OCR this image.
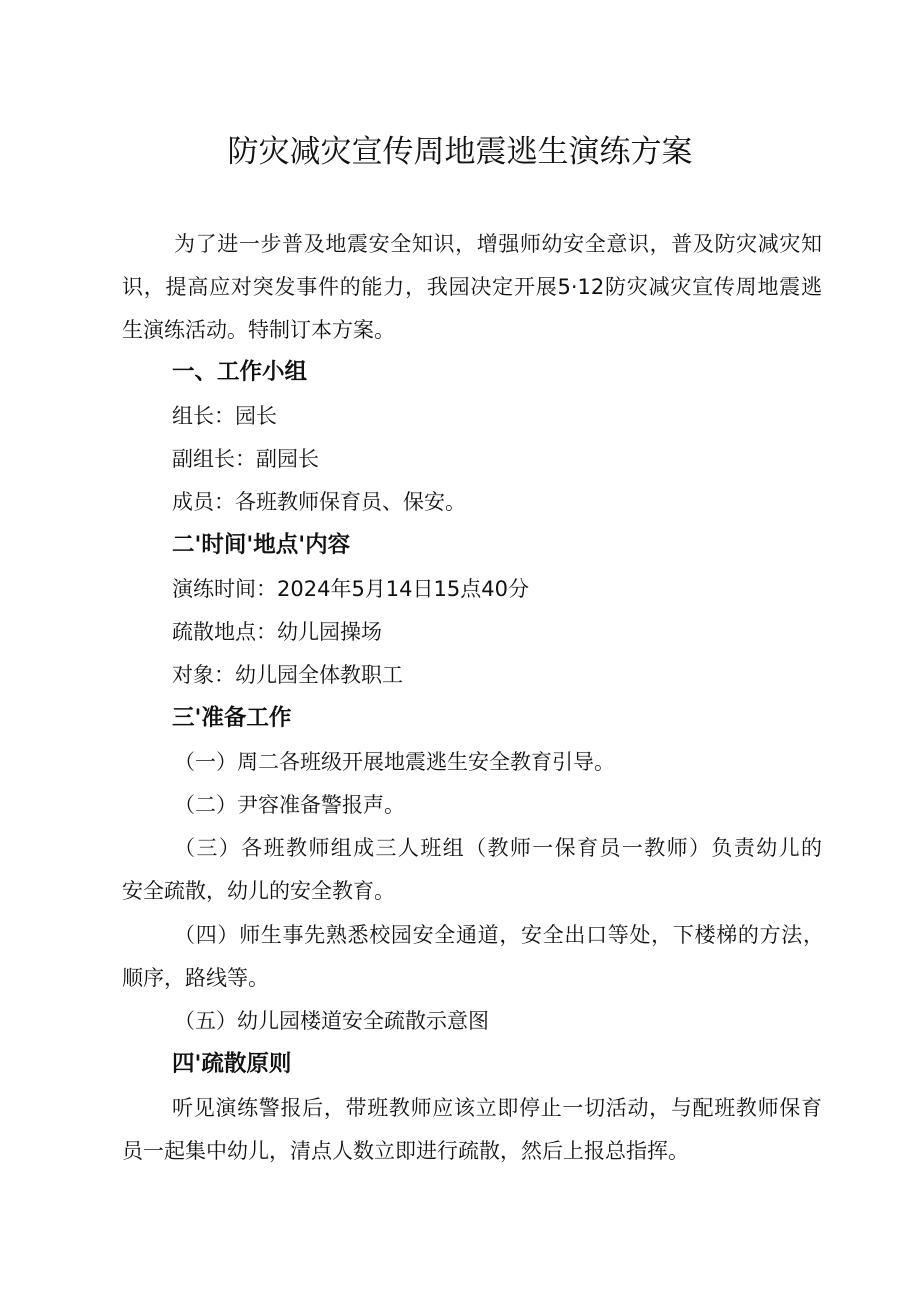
防灾减灾宣传周地震逃生演练方案

为了进一步普及地震安全知识，增强师幼安全意识，普及防灾减灾知

识，提高应对突发事件的能力，我园决定开展5·12防灾减灾宣传周地震逃

生演练活动。特制订本方案。

一、工作小组

组长：园长

副组长：副园长

成员：各班教师保育员、保安。

二'时间'地点'内容

演练时间：2024年5月14日15点40分

疏散地点：幼儿园操场

对象：幼儿园全体教职工

三'准备工作

（一）周二各班级开展地震逃生安全教育引导。

（二）尹容准备警报声。

（三）各班教师组成三人班组（教师一保育员一教师）负责幼儿的

安全疏散，幼儿的安全教育。

（四）师生事先熟悉校园安全通道，安全出口等处，下楼梯的方法，

顺序，路线等。

（五）幼儿园楼道安全疏散示意图

四'疏散原则

听见演练警报后，带班教师应该立即停止一切活动，与配班教师保育

员一起集中幼儿，清点人数立即进行疏散，然后上报总指挥。
